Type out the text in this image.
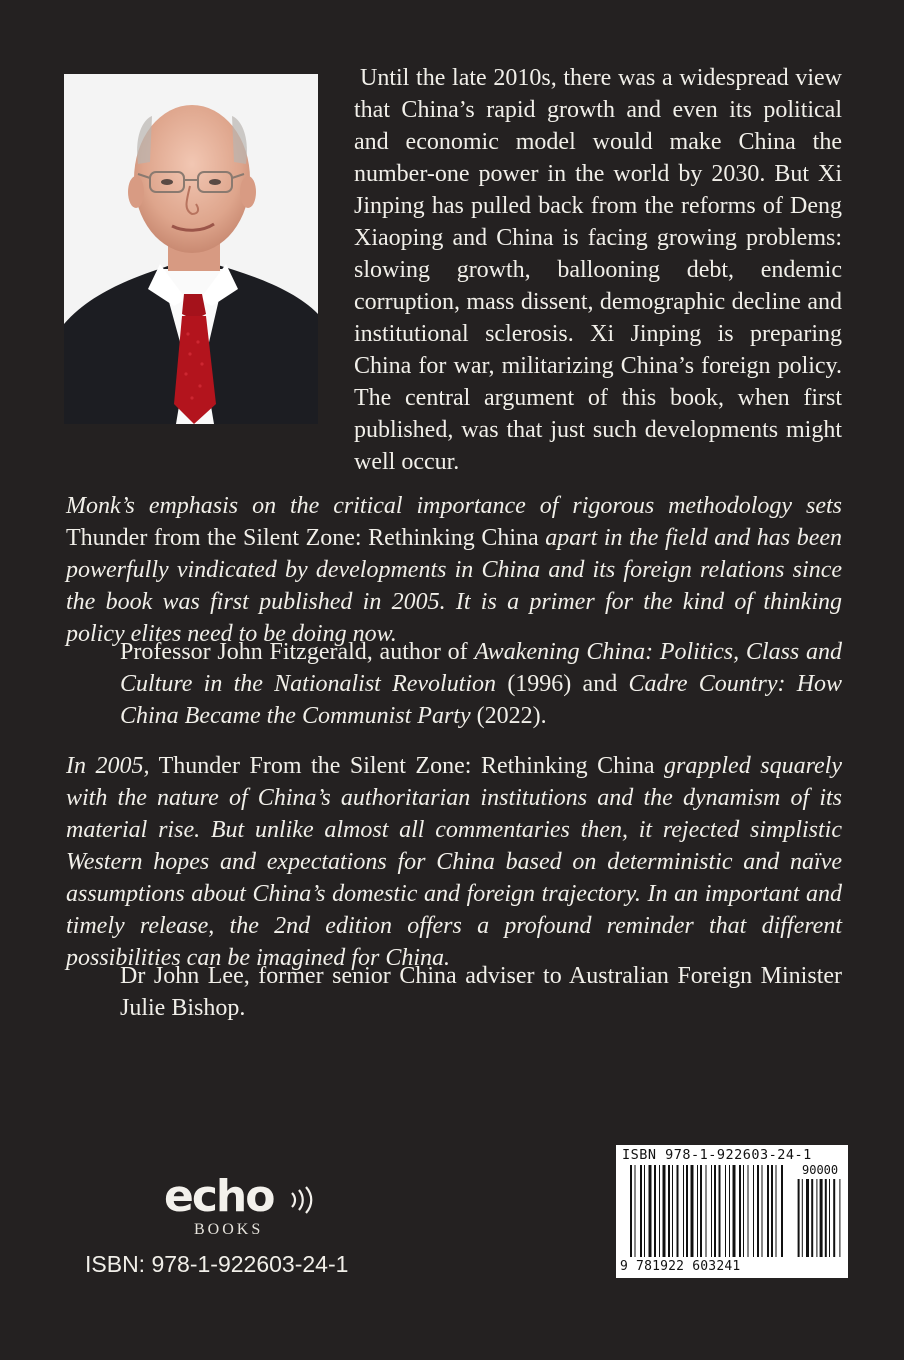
Until the late 2010s, there was a widespread view that China’s rapid growth and even its political and economic model would make China the number-one power in the world by 2030. But Xi Jinping has pulled back from the reforms of Deng Xiaoping and China is facing growing problems: slowing growth, ballooning debt, endemic corruption, mass dissent, demographic decline and institutional sclerosis. Xi Jinping is preparing China for war, militarizing China’s foreign policy. The central argument of this book, when first published, was that just such developments might well occur.

Monk’s emphasis on the critical importance of rigorous methodology sets Thunder from the Silent Zone: Rethinking China apart in the field and has been powerfully vindicated by developments in China and its foreign relations since the book was first published in 2005. It is a primer for the kind of thinking policy elites need to be doing now.

Professor John Fitzgerald, author of Awakening China: Politics, Class and Culture in the Nationalist Revolution (1996) and Cadre Country: How China Became the Communist Party (2022).

In 2005, Thunder From the Silent Zone: Rethinking China grappled squarely with the nature of China’s authoritarian institutions and the dynamism of its material rise. But unlike almost all commentaries then, it rejected simplistic Western hopes and expectations for China based on deterministic and naïve assumptions about China’s domestic and foreign trajectory. In an important and timely release, the 2nd edition offers a profound reminder that different possibilities can be imagined for China.

Dr John Lee, former senior China adviser to Australian Foreign Minister Julie Bishop.

echo
BOOKS
ISBN: 978-1-922603-24-1
ISBN 978-1-922603-24-1
90000
9 781922 603241
